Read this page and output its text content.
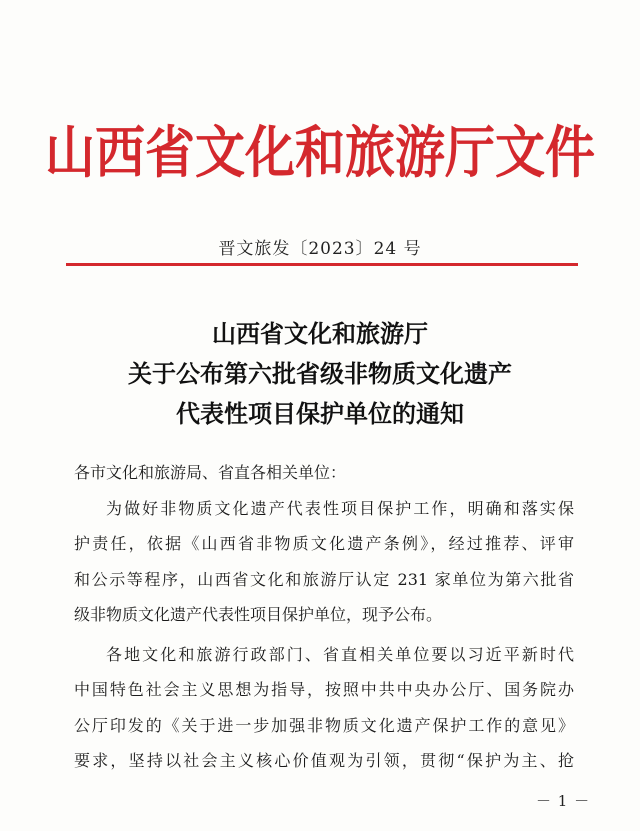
山西省文化和旅游厅文件
晋文旅发〔2023〕24 号
山西省文化和旅游厅
关于公布第六批省级非物质文化遗产
代表性项目保护单位的通知
各市文化和旅游局、省直各相关单位：
为做好非物质文化遗产代表性项目保护工作，明确和落实保
护责任，依据《山西省非物质文化遗产条例》，经过推荐、评审
和公示等程序，山西省文化和旅游厅认定 231 家单位为第六批省
级非物质文化遗产代表性项目保护单位，现予公布。
各地文化和旅游行政部门、省直相关单位要以习近平新时代
中国特色社会主义思想为指导，按照中共中央办公厅、国务院办
公厅印发的《关于进一步加强非物质文化遗产保护工作的意见》
要求，坚持以社会主义核心价值观为引领，贯彻“保护为主、抢
－ 1 －
